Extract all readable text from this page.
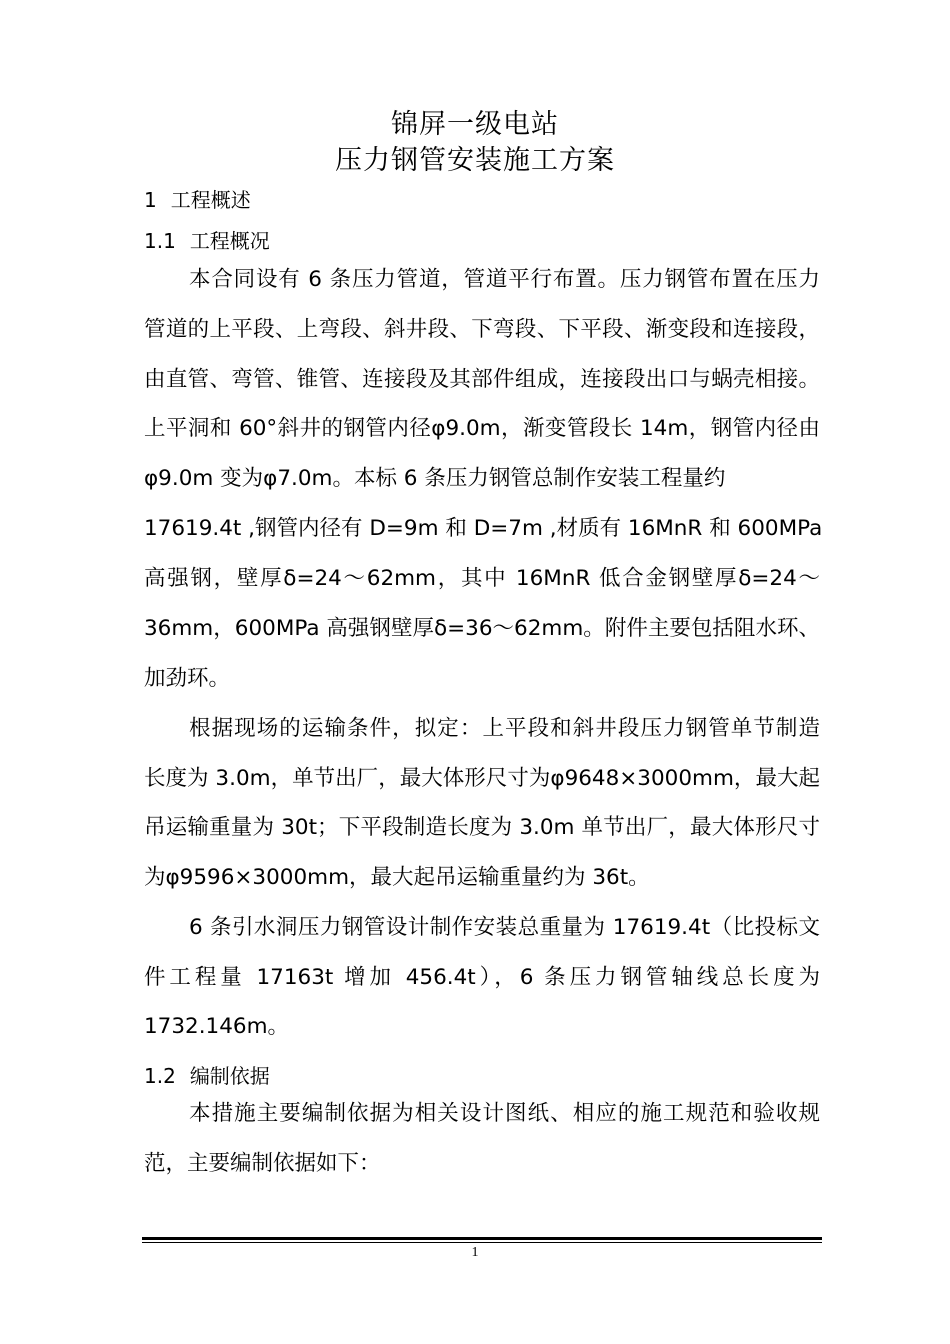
锦屏一级电站
压力钢管安装施工方案
1 工程概述
1.1 工程概况
本合同设有 6 条压力管道，管道平行布置。压力钢管布置在压力
管道的上平段、上弯段、斜井段、下弯段、下平段、渐变段和连接段，
由直管、弯管、锥管、连接段及其部件组成，连接段出口与蜗壳相接。
上平洞和 60°斜井的钢管内径φ9.0m，渐变管段长 14m，钢管内径由
φ9.0m 变为φ7.0m。本标 6 条压力钢管总制作安装工程量约
17619.4t ,钢管内径有 D=9m 和 D=7m ,材质有 16MnR 和 600MPa
高强钢，壁厚δ=24～62mm，其中 16MnR 低合金钢壁厚δ=24～
36mm，600MPa 高强钢壁厚δ=36～62mm。附件主要包括阻水环、
加劲环。
根据现场的运输条件，拟定：上平段和斜井段压力钢管单节制造
长度为 3.0m，单节出厂，最大体形尺寸为φ9648×3000mm，最大起
吊运输重量为 30t；下平段制造长度为 3.0m 单节出厂，最大体形尺寸
为φ9596×3000mm，最大起吊运输重量约为 36t。
6 条引水洞压力钢管设计制作安装总重量为 17619.4t（比投标文
件工程量 17163t 增加 456.4t），6 条压力钢管轴线总长度为
1732.146m。
1.2 编制依据
本措施主要编制依据为相关设计图纸、相应的施工规范和验收规
范，主要编制依据如下：
1
